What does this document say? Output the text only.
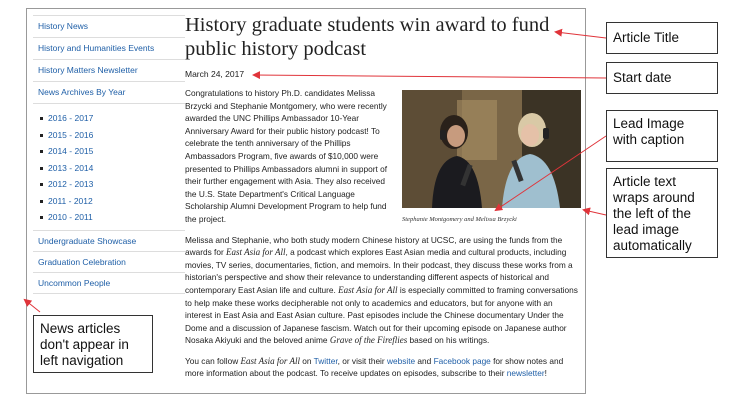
History News
History and Humanities Events
History Matters Newsletter
News Archives By Year
2016 - 2017
2015 - 2016
2014 - 2015
2013 - 2014
2012 - 2013
2011 - 2012
2010 - 2011
Undergraduate Showcase
Graduation Celebration
Uncommon People
History graduate students win award to fund public history podcast
March 24, 2017
Stephanie Montgomery and Melissa Brzycki

Congratulations to history Ph.D. candidates Melissa Brzycki and Stephanie Montgomery, who were recently awarded the UNC Phillips Ambassador 10-Year Anniversary Award for their public history podcast! To celebrate the tenth anniversary of the Phillips Ambassadors Program, five awards of $10,000 were presented to Phillips Ambassadors alumni in support of their further engagement with Asia. They also received the U.S. State Department's Critical Language Scholarship Alumni Development Program to help fund the project.

Melissa and Stephanie, who both study modern Chinese history at UCSC, are using the funds from the awards for East Asia for All, a podcast which explores East Asian media and cultural products, including movies, TV series, documentaries, fiction, and memoirs. In their podcast, they discuss these works from a historian's perspective and show their relevance to understanding different aspects of historical and contemporary East Asian life and culture. East Asia for All is especially committed to framing conversations to help make these works decipherable not only to academics and educators, but for anyone with an interest in East Asia and East Asian culture. Past episodes include the Chinese documentary Under the Dome and a discussion of Japanese fascism. Watch out for their upcoming episode on Japanese author Nosaka Akiyuki and the beloved anime Grave of the Fireflies based on his writings.

You can follow East Asia for All on Twitter, or visit their website and Facebook page for show notes and more information about the podcast. To receive updates on episodes, subscribe to their newsletter!

News articles don't appear in left navigation
Article Title
Start date
Lead Image with caption
Article text wraps around the left of the lead image automatically
